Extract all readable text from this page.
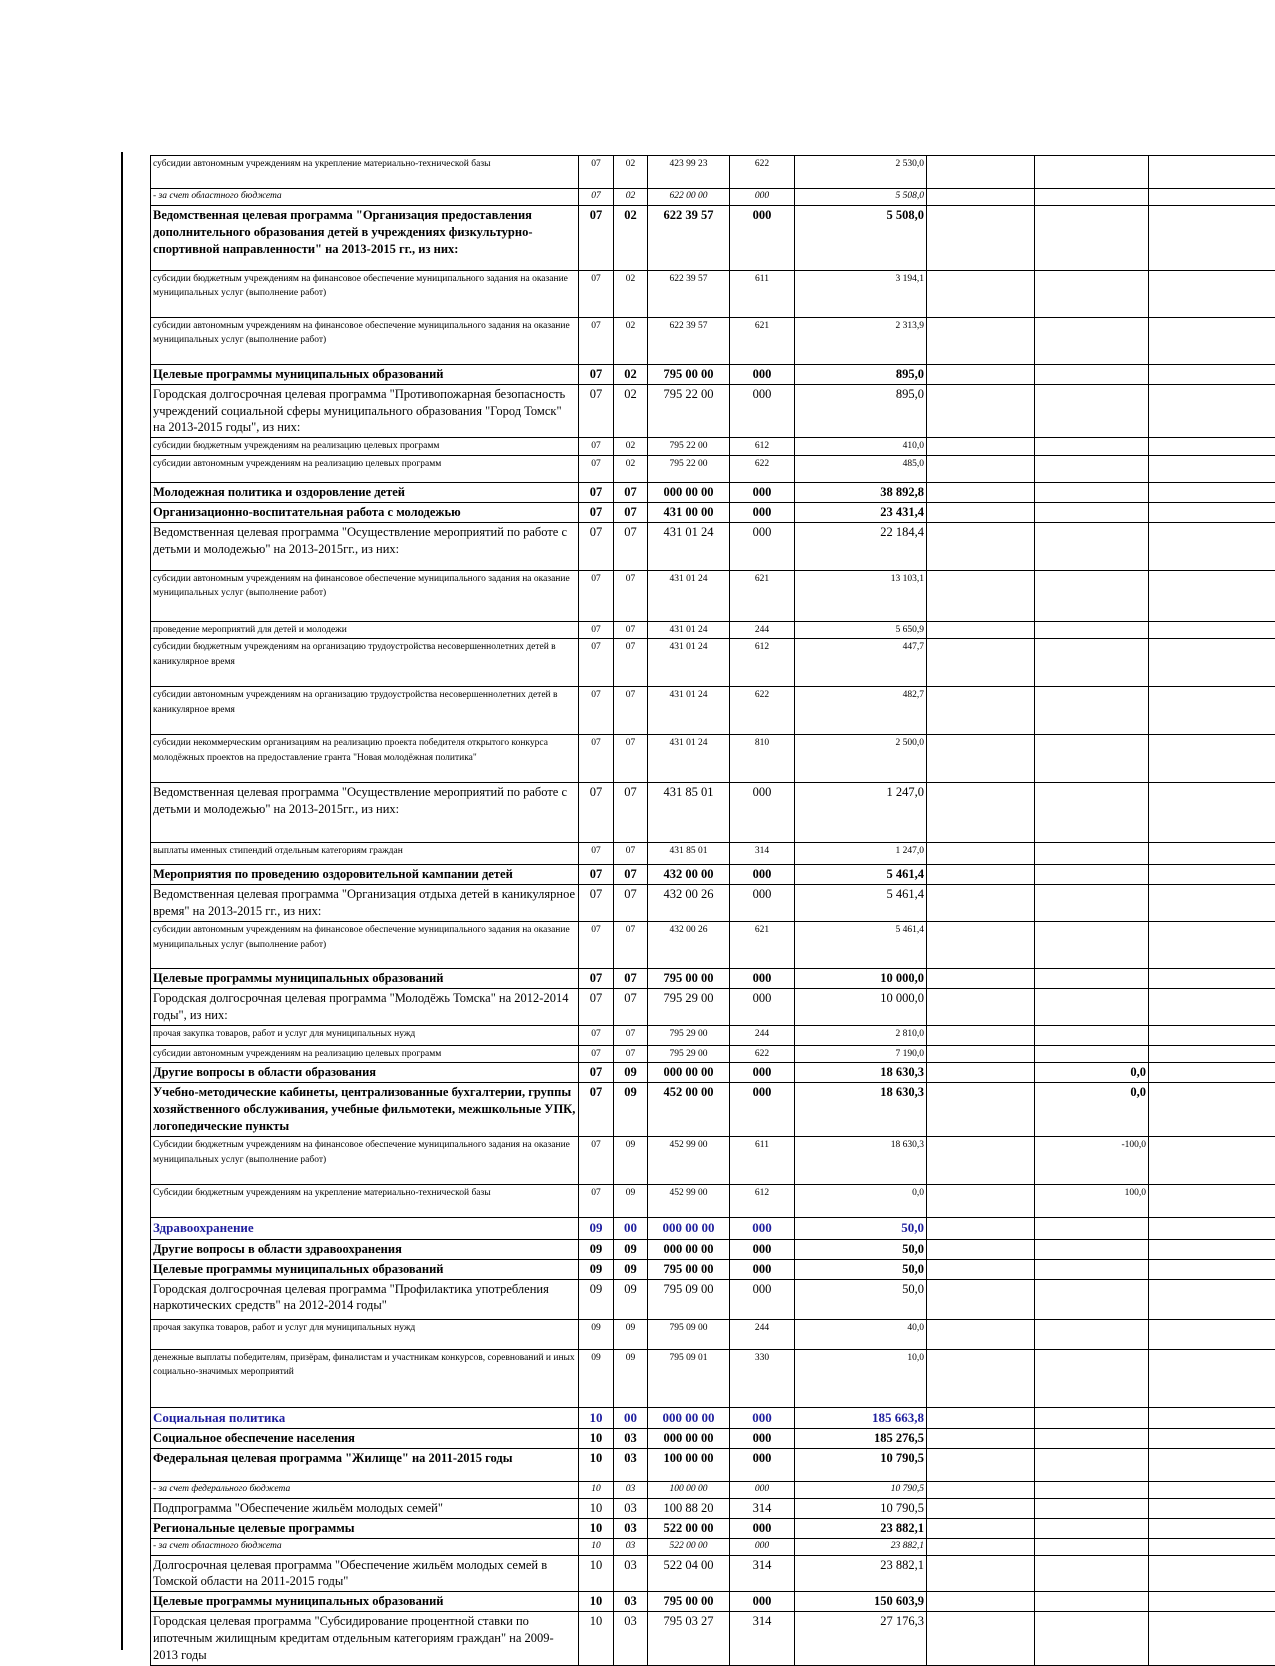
субсидии автономным учреждениям на укрепление материально-технической базы	07	02	423 99 23	622	2 530,0			
- за счет областного бюджета	07	02	622 00 00	000	5 508,0			
Ведомственная целевая программа "Организация предоставления дополнительного образования детей в учреждениях физкультурно-спортивной направленности" на 2013-2015 гг., из них:	07	02	622 39 57	000	5 508,0			
субсидии бюджетным учреждениям на финансовое обеспечение муниципального задания на оказание муниципальных услуг (выполнение работ)	07	02	622 39 57	611	3 194,1			
субсидии автономным учреждениям на финансовое обеспечение муниципального задания на оказание муниципальных услуг (выполнение работ)	07	02	622 39 57	621	2 313,9			
Целевые программы муниципальных образований	07	02	795 00 00	000	895,0			
Городская долгосрочная целевая программа "Противопожарная безопасность учреждений социальной сферы муниципального образования "Город Томск" на 2013-2015 годы", из них:	07	02	795 22 00	000	895,0			
субсидии бюджетным учреждениям на реализацию целевых программ	07	02	795 22 00	612	410,0			
субсидии автономным учреждениям на реализацию целевых программ	07	02	795 22 00	622	485,0			
Молодежная политика и оздоровление детей	07	07	000 00 00	000	38 892,8			
Организационно-воспитательная работа с молодежью	07	07	431 00 00	000	23 431,4			
Ведомственная целевая программа "Осуществление мероприятий по работе с детьми и молодежью" на 2013-2015гг., из них:	07	07	431 01 24	000	22 184,4			
субсидии автономным учреждениям на финансовое обеспечение муниципального задания на оказание муниципальных услуг (выполнение работ)	07	07	431 01 24	621	13 103,1			
проведение мероприятий для детей и молодежи	07	07	431 01 24	244	5 650,9			
субсидии бюджетным учреждениям на организацию трудоустройства несовершеннолетних детей в каникулярное время	07	07	431 01 24	612	447,7			
субсидии автономным учреждениям на организацию трудоустройства несовершеннолетних детей в каникулярное время	07	07	431 01 24	622	482,7			
субсидии некоммерческим организациям на реализацию проекта победителя открытого конкурса молодёжных проектов на предоставление гранта "Новая молодёжная политика"	07	07	431 01 24	810	2 500,0			
Ведомственная целевая программа "Осуществление мероприятий по работе с детьми и молодежью" на 2013-2015гг., из них:	07	07	431 85 01	000	1 247,0			
выплаты именных стипендий отдельным категориям граждан	07	07	431 85 01	314	1 247,0			
Мероприятия по проведению оздоровительной кампании детей	07	07	432 00 00	000	5 461,4			
Ведомственная целевая программа "Организация отдыха детей в каникулярное время" на 2013-2015 гг., из них:	07	07	432 00 26	000	5 461,4			
субсидии автономным учреждениям на финансовое обеспечение муниципального задания на оказание муниципальных услуг (выполнение работ)	07	07	432 00 26	621	5 461,4			
Целевые программы муниципальных образований	07	07	795 00 00	000	10 000,0			
Городская долгосрочная целевая программа "Молодёжь Томска" на 2012-2014 годы", из них:	07	07	795 29 00	000	10 000,0			
прочая закупка товаров, работ и услуг для муниципальных нужд	07	07	795 29 00	244	2 810,0			
субсидии автономным учреждениям на реализацию целевых программ	07	07	795 29 00	622	7 190,0			
Другие вопросы в области образования	07	09	000 00 00	000	18 630,3		0,0	
Учебно-методические кабинеты, централизованные бухгалтерии, группы хозяйственного обслуживания, учебные фильмотеки, межшкольные УПК, логопедические пункты	07	09	452 00 00	000	18 630,3		0,0	
Субсидии бюджетным учреждениям на финансовое обеспечение муниципального задания на оказание муниципальных услуг (выполнение работ)	07	09	452 99 00	611	18 630,3		-100,0	
Субсидии бюджетным учреждениям на укрепление материально-технической базы	07	09	452 99 00	612	0,0		100,0	
Здравоохранение	09	00	000 00 00	000	50,0			
Другие вопросы в области здравоохранения	09	09	000 00 00	000	50,0			
Целевые программы муниципальных образований	09	09	795 00 00	000	50,0			
Городская долгосрочная целевая программа "Профилактика употребления наркотических средств" на 2012-2014 годы"	09	09	795 09 00	000	50,0			
прочая закупка товаров, работ и услуг для муниципальных нужд	09	09	795 09 00	244	40,0			
денежные выплаты победителям, призёрам, финалистам и участникам конкурсов, соревнований и иных социально-значимых мероприятий	09	09	795 09 01	330	10,0			
Социальная политика	10	00	000 00 00	000	185 663,8			
Социальное обеспечение населения	10	03	000 00 00	000	185 276,5			
Федеральная целевая программа "Жилище" на 2011-2015 годы	10	03	100 00 00	000	10 790,5			
- за счет федерального бюджета	10	03	100 00 00	000	10 790,5			
Подпрограмма "Обеспечение жильём молодых семей"	10	03	100 88 20	314	10 790,5			
Региональные целевые программы	10	03	522 00 00	000	23 882,1			
- за счет областного бюджета	10	03	522 00 00	000	23 882,1			
Долгосрочная целевая программа "Обеспечение жильём молодых семей в Томской области на 2011-2015 годы"	10	03	522 04 00	314	23 882,1			
Целевые программы муниципальных образований	10	03	795 00 00	000	150 603,9			
Городская целевая программа "Субсидирование процентной ставки по ипотечным жилищным кредитам отдельным категориям граждан" на 2009-2013 годы	10	03	795 03 27	314	27 176,3			
